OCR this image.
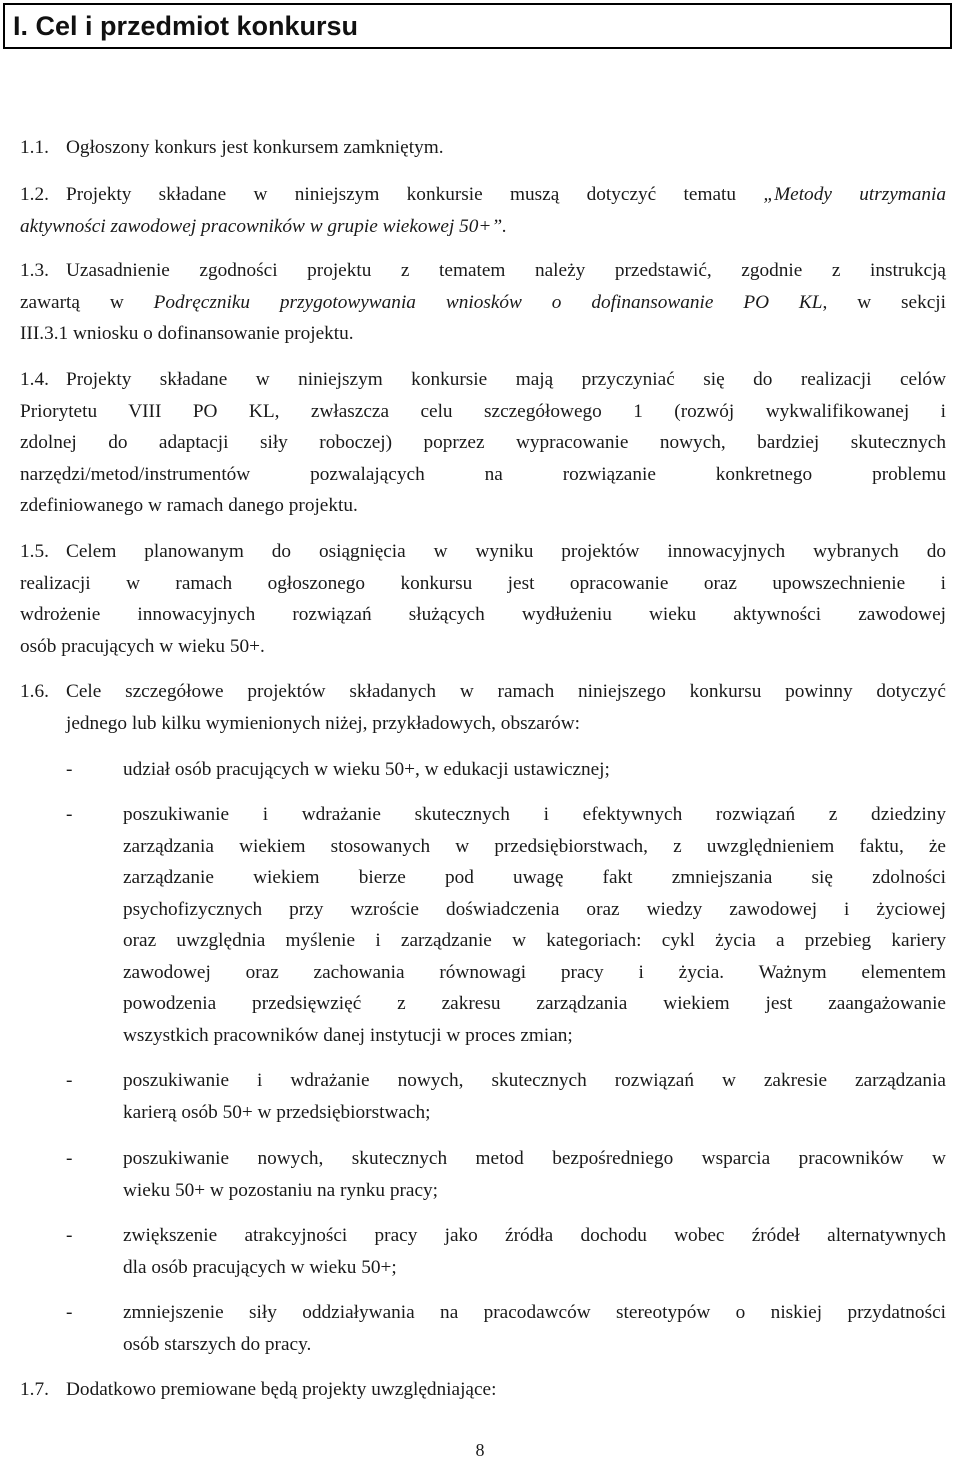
I. Cel i przedmiot konkursu
1.1. Ogłoszony konkurs jest konkursem zamkniętym.
1.2. Projekty składane w niniejszym konkursie muszą dotyczyć tematu „Metody utrzymania
aktywności zawodowej pracowników w grupie wiekowej 50+”.
1.3. Uzasadnienie zgodności projektu z tematem należy przedstawić, zgodnie z instrukcją
zawartą w Podręczniku przygotowywania wniosków o dofinansowanie PO KL, w sekcji
III.3.1 wniosku o dofinansowanie projektu.
1.4. Projekty składane w niniejszym konkursie mają przyczyniać się do realizacji celów
Priorytetu VIII PO KL, zwłaszcza celu szczegółowego 1 (rozwój wykwalifikowanej i
zdolnej do adaptacji siły roboczej) poprzez wypracowanie nowych, bardziej skutecznych
narzędzi/metod/instrumentów pozwalających na rozwiązanie konkretnego problemu
zdefiniowanego w ramach danego projektu.
1.5. Celem planowanym do osiągnięcia w wyniku projektów innowacyjnych wybranych do
realizacji w ramach ogłoszonego konkursu jest opracowanie oraz upowszechnienie i
wdrożenie innowacyjnych rozwiązań służących wydłużeniu wieku aktywności zawodowej
osób pracujących w wieku 50+.
1.6. Cele szczegółowe projektów składanych w ramach niniejszego konkursu powinny dotyczyć
jednego lub kilku wymienionych niżej, przykładowych, obszarów:
-	udział osób pracujących w wieku 50+, w edukacji ustawicznej;
-	poszukiwanie i wdrażanie skutecznych i efektywnych rozwiązań z dziedziny
zarządzania wiekiem stosowanych w przedsiębiorstwach, z uwzględnieniem faktu, że
zarządzanie wiekiem bierze pod uwagę fakt zmniejszania się zdolności
psychofizycznych przy wzroście doświadczenia oraz wiedzy zawodowej i życiowej
oraz uwzględnia myślenie i zarządzanie w kategoriach: cykl życia a przebieg kariery
zawodowej oraz zachowania równowagi pracy i życia. Ważnym elementem
powodzenia przedsięwzięć z zakresu zarządzania wiekiem jest zaangażowanie
wszystkich pracowników danej instytucji w proces zmian;
-	poszukiwanie i wdrażanie nowych, skutecznych rozwiązań w zakresie zarządzania
karierą osób 50+ w przedsiębiorstwach;
-	poszukiwanie nowych, skutecznych metod bezpośredniego wsparcia pracowników w
wieku 50+ w pozostaniu na rynku pracy;
-	zwiększenie atrakcyjności pracy jako źródła dochodu wobec źródeł alternatywnych
dla osób pracujących w wieku 50+;
-	zmniejszenie siły oddziaływania na pracodawców stereotypów o niskiej przydatności
osób starszych do pracy.
1.7. Dodatkowo premiowane będą projekty uwzględniające:
8
